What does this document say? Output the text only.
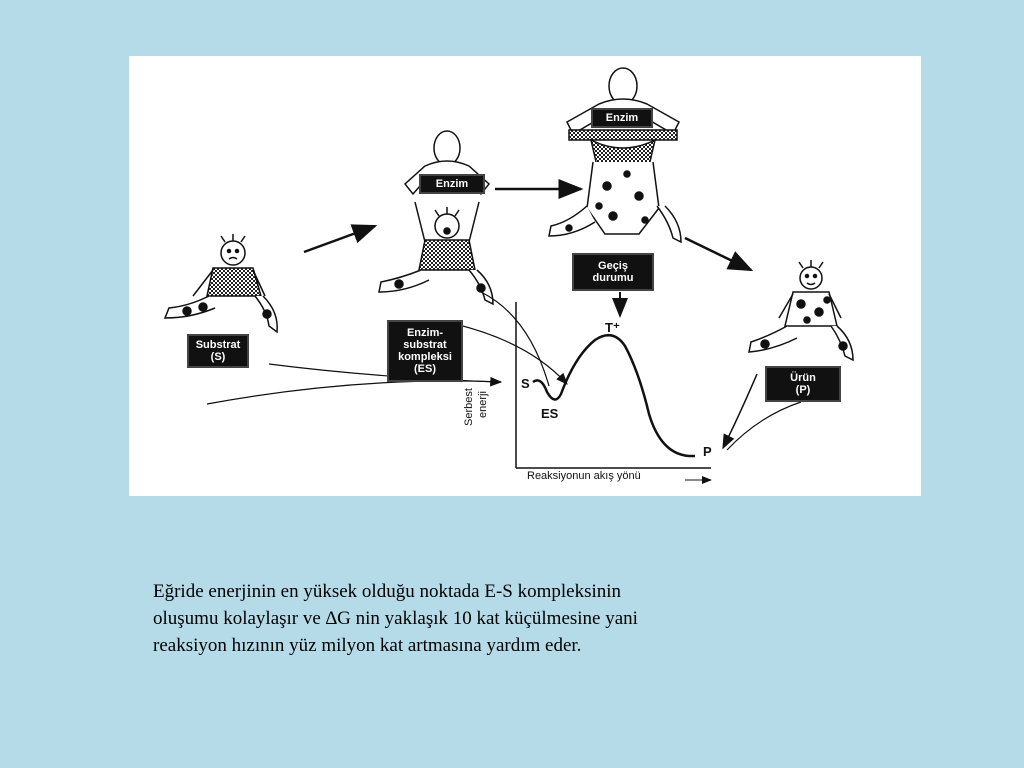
Substrat
(S)
Enzim
Enzim-
substrat
kompleksi
(ES)
Enzim
Geçiş
durumu
Ürün
(P)
S
ES
T⁺
P
Serbest enerji
Reaksiyonun akış yönü
Eğride enerjinin en yüksek olduğu noktada E-S kompleksinin
oluşumu kolaylaşır ve ∆G nin yaklaşık 10 kat küçülmesine yani
reaksiyon hızının yüz milyon kat artmasına yardım eder.
